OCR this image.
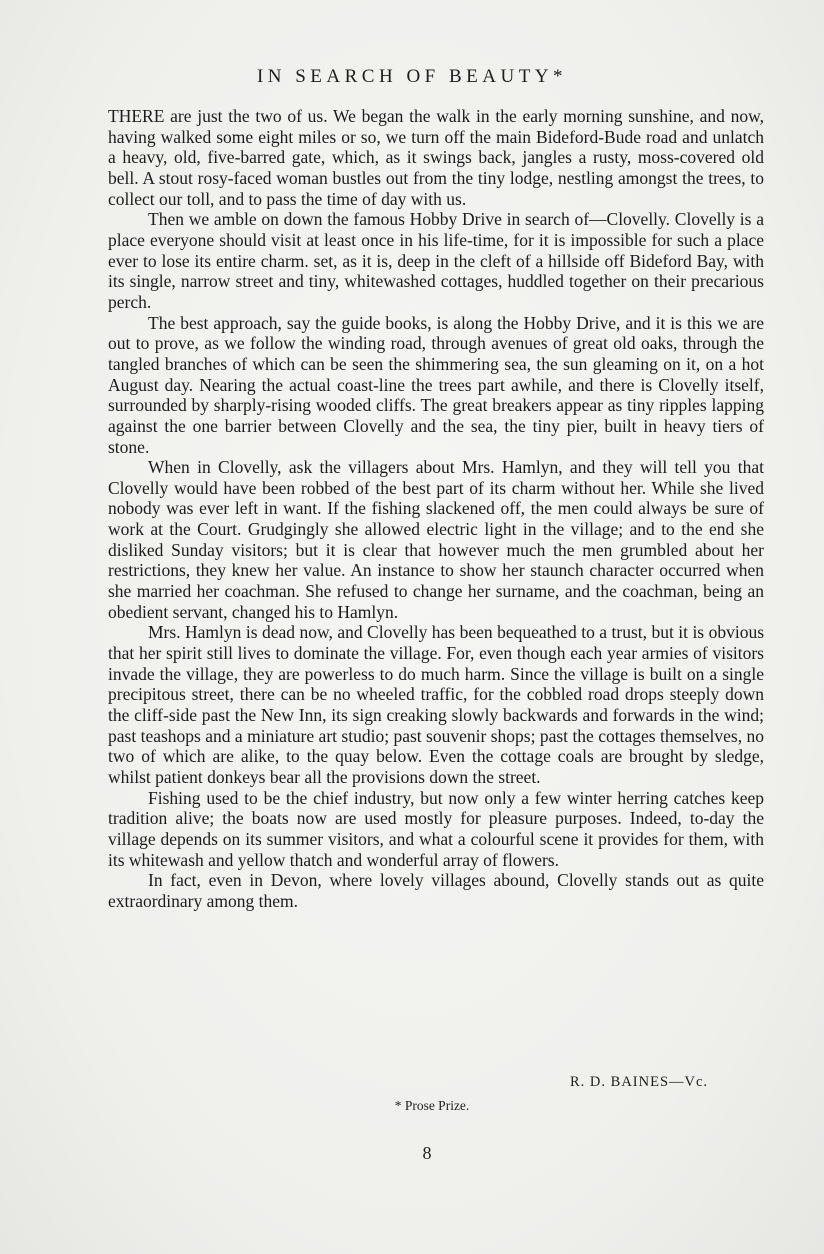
IN SEARCH OF BEAUTY*

THERE are just the two of us. We began the walk in the early morning sunshine, and now, having walked some eight miles or so, we turn off the main Bideford-Bude road and unlatch a heavy, old, five-barred gate, which, as it swings back, jangles a rusty, moss-covered old bell. A stout rosy-faced woman bustles out from the tiny lodge, nestling amongst the trees, to collect our toll, and to pass the time of day with us.

Then we amble on down the famous Hobby Drive in search of—Clovelly. Clovelly is a place everyone should visit at least once in his life-time, for it is impossible for such a place ever to lose its entire charm. set, as it is, deep in the cleft of a hillside off Bideford Bay, with its single, narrow street and tiny, whitewashed cottages, huddled together on their precarious perch.

The best approach, say the guide books, is along the Hobby Drive, and it is this we are out to prove, as we follow the winding road, through avenues of great old oaks, through the tangled branches of which can be seen the shimmering sea, the sun gleaming on it, on a hot August day. Nearing the actual coast-line the trees part awhile, and there is Clovelly itself, surrounded by sharply-rising wooded cliffs. The great breakers appear as tiny ripples lapping against the one barrier between Clovelly and the sea, the tiny pier, built in heavy tiers of stone.

When in Clovelly, ask the villagers about Mrs. Hamlyn, and they will tell you that Clovelly would have been robbed of the best part of its charm without her. While she lived nobody was ever left in want. If the fishing slackened off, the men could always be sure of work at the Court. Grudgingly she allowed electric light in the village; and to the end she disliked Sunday visitors; but it is clear that however much the men grumbled about her restrictions, they knew her value. An instance to show her staunch character occurred when she married her coachman. She refused to change her surname, and the coachman, being an obedient servant, changed his to Hamlyn.

Mrs. Hamlyn is dead now, and Clovelly has been bequeathed to a trust, but it is obvious that her spirit still lives to dominate the village. For, even though each year armies of visitors invade the village, they are powerless to do much harm. Since the village is built on a single precipitous street, there can be no wheeled traffic, for the cobbled road drops steeply down the cliff-side past the New Inn, its sign creaking slowly backwards and forwards in the wind; past teashops and a miniature art studio; past souvenir shops; past the cottages themselves, no two of which are alike, to the quay below. Even the cottage coals are brought by sledge, whilst patient donkeys bear all the provisions down the street.

Fishing used to be the chief industry, but now only a few winter herring catches keep tradition alive; the boats now are used mostly for pleasure purposes. Indeed, to-day the village depends on its summer visitors, and what a colourful scene it provides for them, with its whitewash and yellow thatch and wonderful array of flowers.

In fact, even in Devon, where lovely villages abound, Clovelly stands out as quite extraordinary among them.

R. D. BAINES—Vc.
* Prose Prize.
8
